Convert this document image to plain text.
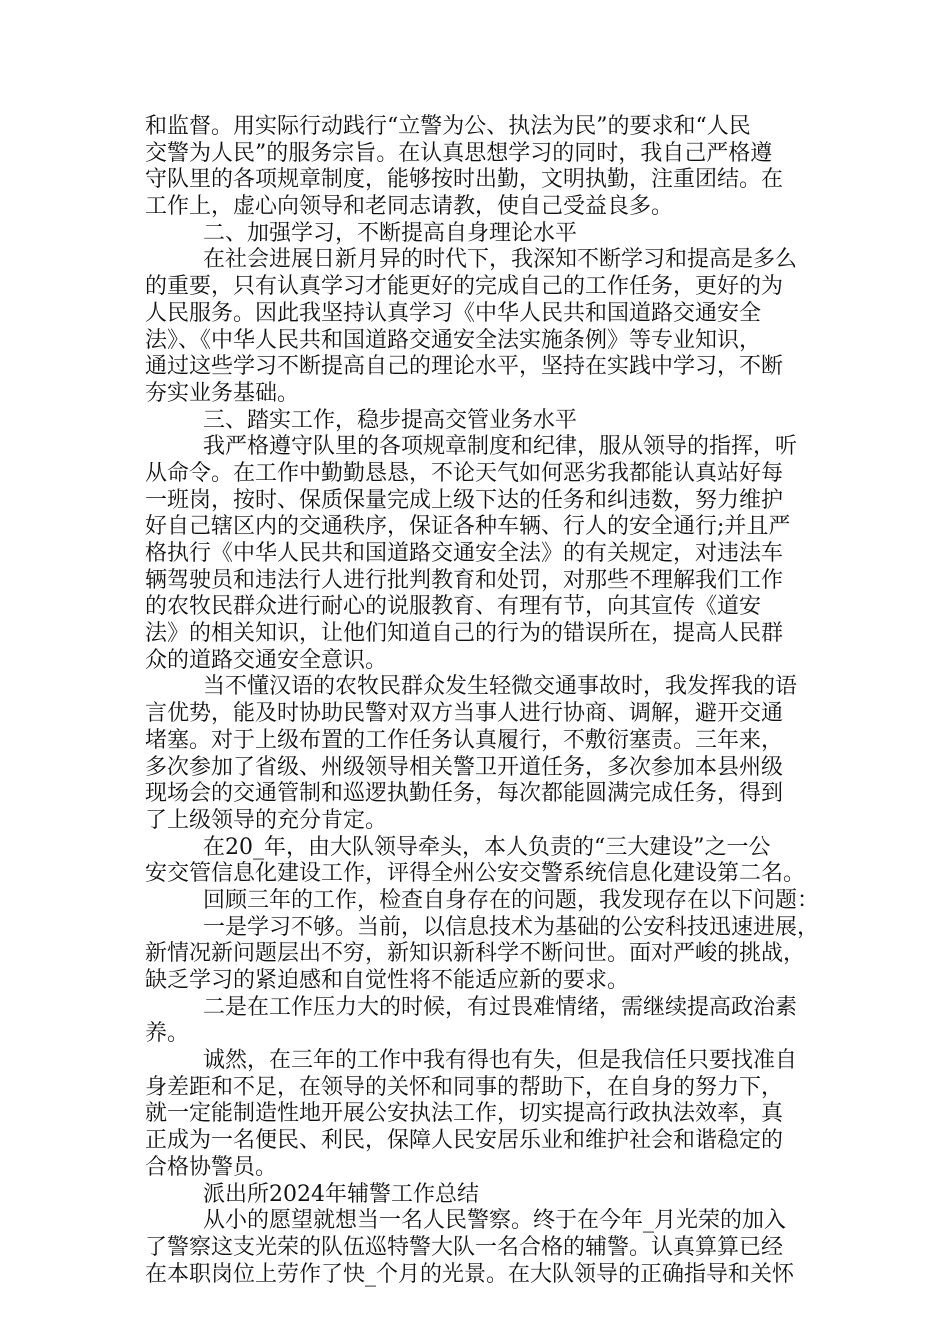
和监督。用实际行动践行“立警为公、执法为民”的要求和“人民
交警为人民”的服务宗旨。在认真思想学习的同时，我自己严格遵
守队里的各项规章制度，能够按时出勤，文明执勤，注重团结。在
工作上，虚心向领导和老同志请教，使自己受益良多。
二、加强学习，不断提高自身理论水平
在社会进展日新月异的时代下，我深知不断学习和提高是多么
的重要，只有认真学习才能更好的完成自己的工作任务，更好的为
人民服务。因此我坚持认真学习《中华人民共和国道路交通安全
法》、《中华人民共和国道路交通安全法实施条例》等专业知识，
通过这些学习不断提高自己的理论水平，坚持在实践中学习，不断
夯实业务基础。
三、踏实工作，稳步提高交管业务水平
我严格遵守队里的各项规章制度和纪律，服从领导的指挥，听
从命令。在工作中勤勤恳恳，不论天气如何恶劣我都能认真站好每
一班岗，按时、保质保量完成上级下达的任务和纠违数，努力维护
好自己辖区内的交通秩序，保证各种车辆、行人的安全通行;并且严
格执行《中华人民共和国道路交通安全法》的有关规定，对违法车
辆驾驶员和违法行人进行批判教育和处罚，对那些不理解我们工作
的农牧民群众进行耐心的说服教育、有理有节，向其宣传《道安
法》的相关知识，让他们知道自己的行为的错误所在，提高人民群
众的道路交通安全意识。
当不懂汉语的农牧民群众发生轻微交通事故时，我发挥我的语
言优势，能及时协助民警对双方当事人进行协商、调解，避开交通
堵塞。对于上级布置的工作任务认真履行，不敷衍塞责。三年来，
多次参加了省级、州级领导相关警卫开道任务，多次参加本县州级
现场会的交通管制和巡逻执勤任务，每次都能圆满完成任务，得到
了上级领导的充分肯定。
在20_年，由大队领导牵头，本人负责的“三大建设”之一公
安交管信息化建设工作，评得全州公安交警系统信息化建设第二名。
回顾三年的工作，检查自身存在的问题，我发现存在以下问题：
一是学习不够。当前，以信息技术为基础的公安科技迅速进展，
新情况新问题层出不穷，新知识新科学不断问世。面对严峻的挑战，
缺乏学习的紧迫感和自觉性将不能适应新的要求。
二是在工作压力大的时候，有过畏难情绪，需继续提高政治素
养。
诚然，在三年的工作中我有得也有失，但是我信任只要找准自
身差距和不足，在领导的关怀和同事的帮助下，在自身的努力下，
就一定能制造性地开展公安执法工作，切实提高行政执法效率，真
正成为一名便民、利民，保障人民安居乐业和维护社会和谐稳定的
合格协警员。
派出所2024年辅警工作总结
从小的愿望就想当一名人民警察。终于在今年_月光荣的加入
了警察这支光荣的队伍巡特警大队一名合格的辅警。认真算算已经
在本职岗位上劳作了快_个月的光景。在大队领导的正确指导和关怀
